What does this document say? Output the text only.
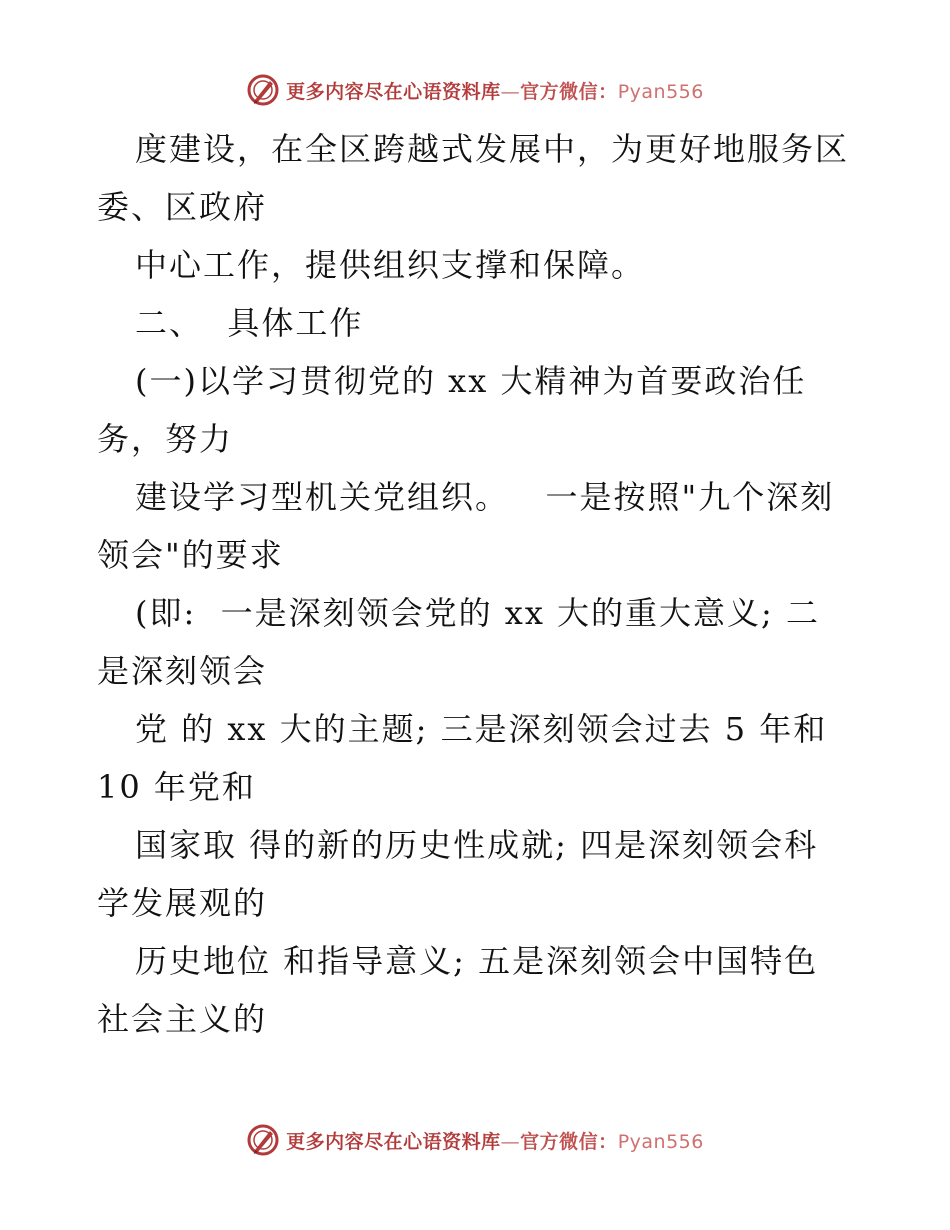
更多内容尽在心语资料库—官方微信：Pyan556
度建设，在全区跨越式发展中，为更好地服务区
委、区政府
中心工作，提供组织支撑和保障。
二、  具体工作
(一)以学习贯彻党的 xx 大精神为首要政治任
务，努力
建设学习型机关党组织。   一是按照"九个深刻
领会"的要求
(即:  一是深刻领会党的 xx 大的重大意义; 二
是深刻领会
党 的 xx 大的主题; 三是深刻领会过去 5 年和
10 年党和
国家取 得的新的历史性成就; 四是深刻领会科
学发展观的
历史地位 和指导意义; 五是深刻领会中国特色
社会主义的
更多内容尽在心语资料库—官方微信：Pyan556
